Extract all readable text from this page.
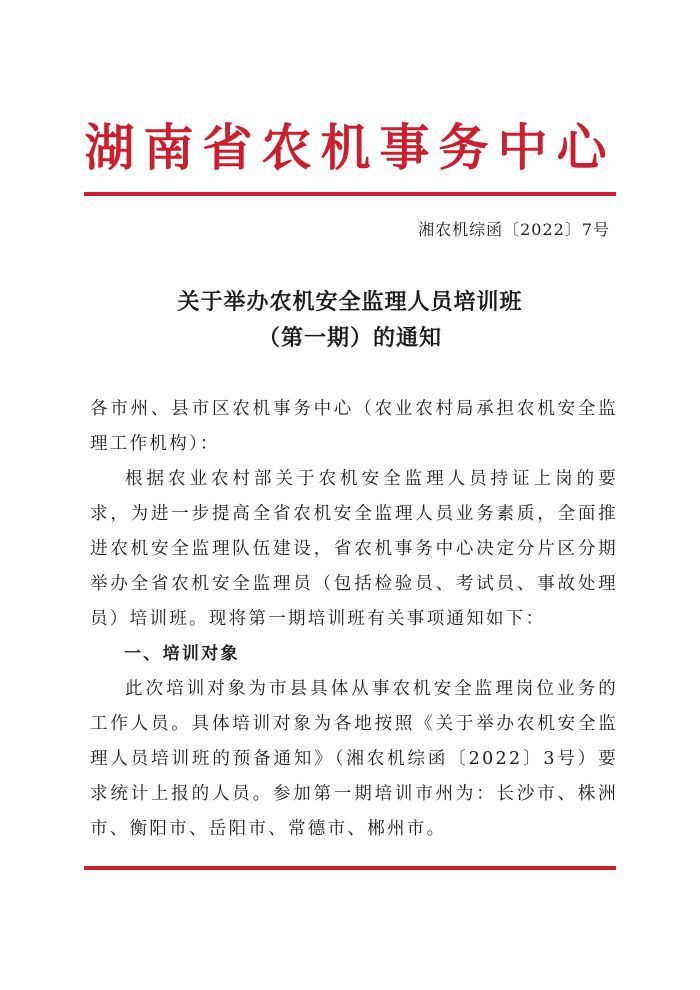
湖南省农机事务中心
湘农机综函〔2022〕7号
关于举办农机安全监理人员培训班
（第一期）的通知

各市州、县市区农机事务中心（农业农村局承担农机安全监理工作机构）：

根据农业农村部关于农机安全监理人员持证上岗的要求，为进一步提高全省农机安全监理人员业务素质，全面推进农机安全监理队伍建设，省农机事务中心决定分片区分期举办全省农机安全监理员（包括检验员、考试员、事故处理员）培训班。现将第一期培训班有关事项通知如下：

一、培训对象

此次培训对象为市县具体从事农机安全监理岗位业务的工作人员。具体培训对象为各地按照《关于举办农机安全监理人员培训班的预备通知》（湘农机综函〔2022〕3号）要求统计上报的人员。参加第一期培训市州为：长沙市、株洲市、衡阳市、岳阳市、常德市、郴州市。
